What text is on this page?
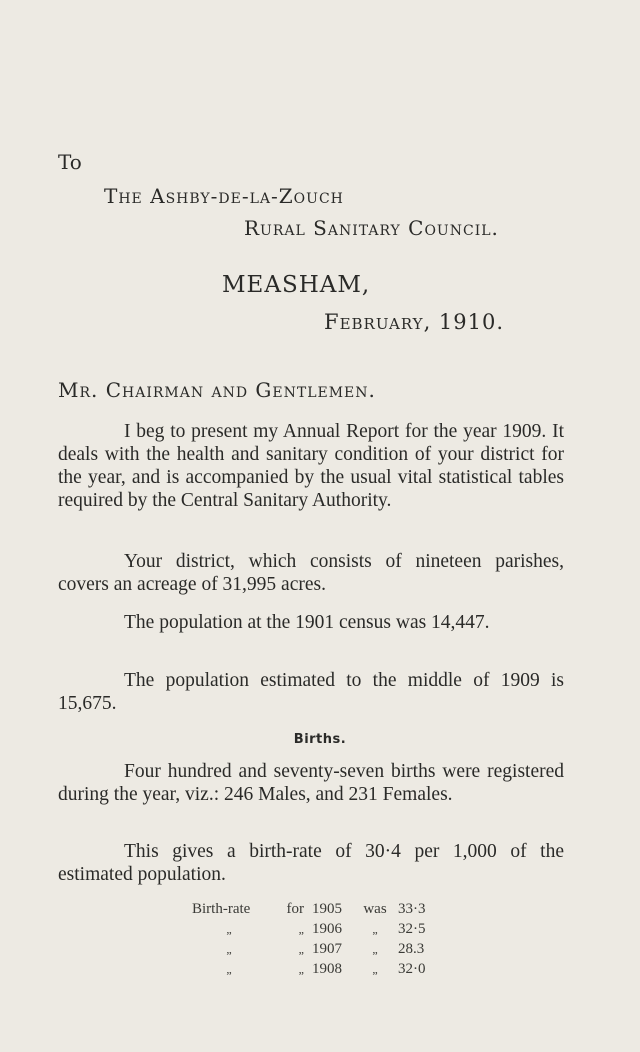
To
The Ashby-de-la-Zouch
Rural Sanitary Council.
MEASHAM,
February, 1910.
Mr. Chairman and Gentlemen.
I beg to present my Annual Report for the year 1909. It deals with the health and sanitary condition of your district for the year, and is accompanied by the usual vital statistical tables required by the Central Sanitary Authority.
Your district, which consists of nineteen parishes, covers an acreage of 31,995 acres.
The population at the 1901 census was 14,447.
The population estimated to the middle of 1909 is 15,675.
Births.
Four hundred and seventy-seven births were registered during the year, viz.: 246 Males, and 231 Females.
This gives a birth-rate of 30·4 per 1,000 of the estimated population.
Birth-rate	for	1905	was	33·3
„	„	1906	„	32·5
„	„	1907	„	28.3
„	„	1908	„	32·0
